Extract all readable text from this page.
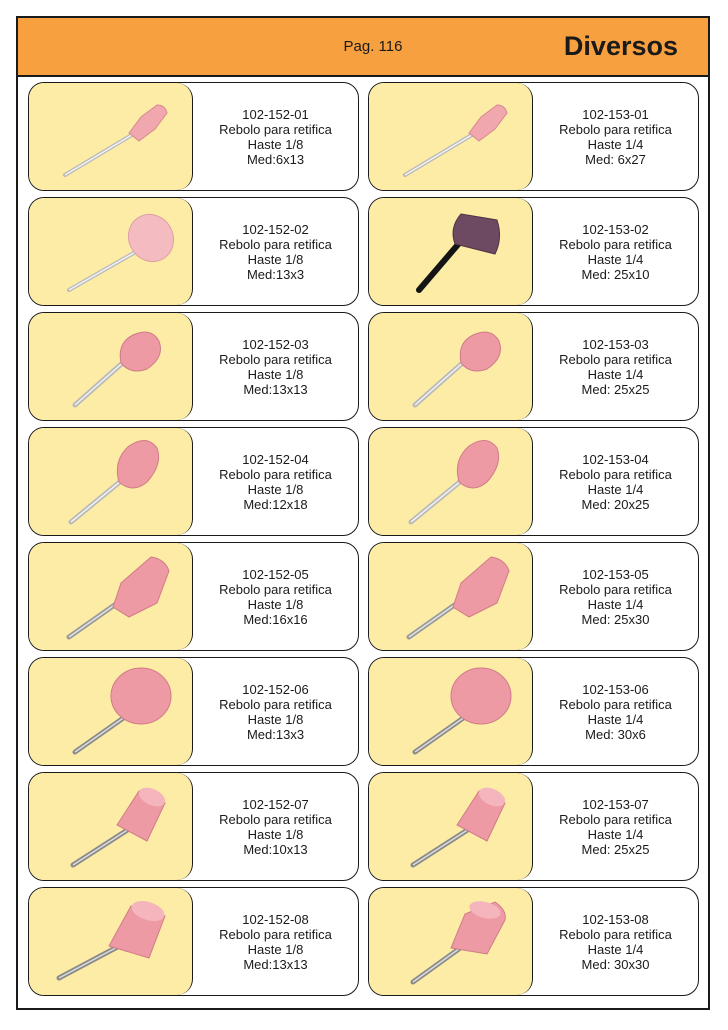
Pag. 116	Diversos
102-152-01
Rebolo para retifica
Haste 1/8
Med:6x13
102-152-02
Rebolo para retifica
Haste 1/8
Med:13x3
102-152-03
Rebolo para retifica
Haste 1/8
Med:13x13
102-152-04
Rebolo para retifica
Haste 1/8
Med:12x18
102-152-05
Rebolo para retifica
Haste 1/8
Med:16x16
102-152-06
Rebolo para retifica
Haste 1/8
Med:13x3
102-152-07
Rebolo para retifica
Haste 1/8
Med:10x13
102-152-08
Rebolo para retifica
Haste 1/8
Med:13x13
102-153-01
Rebolo para retifica
Haste 1/4
Med: 6x27
102-153-02
Rebolo para retifica
Haste 1/4
Med: 25x10
102-153-03
Rebolo para retifica
Haste 1/4
Med: 25x25
102-153-04
Rebolo para retifica
Haste 1/4
Med: 20x25
102-153-05
Rebolo para retifica
Haste 1/4
Med: 25x30
102-153-06
Rebolo para retifica
Haste 1/4
Med: 30x6
102-153-07
Rebolo para retifica
Haste 1/4
Med: 25x25
102-153-08
Rebolo para retifica
Haste 1/4
Med: 30x30
